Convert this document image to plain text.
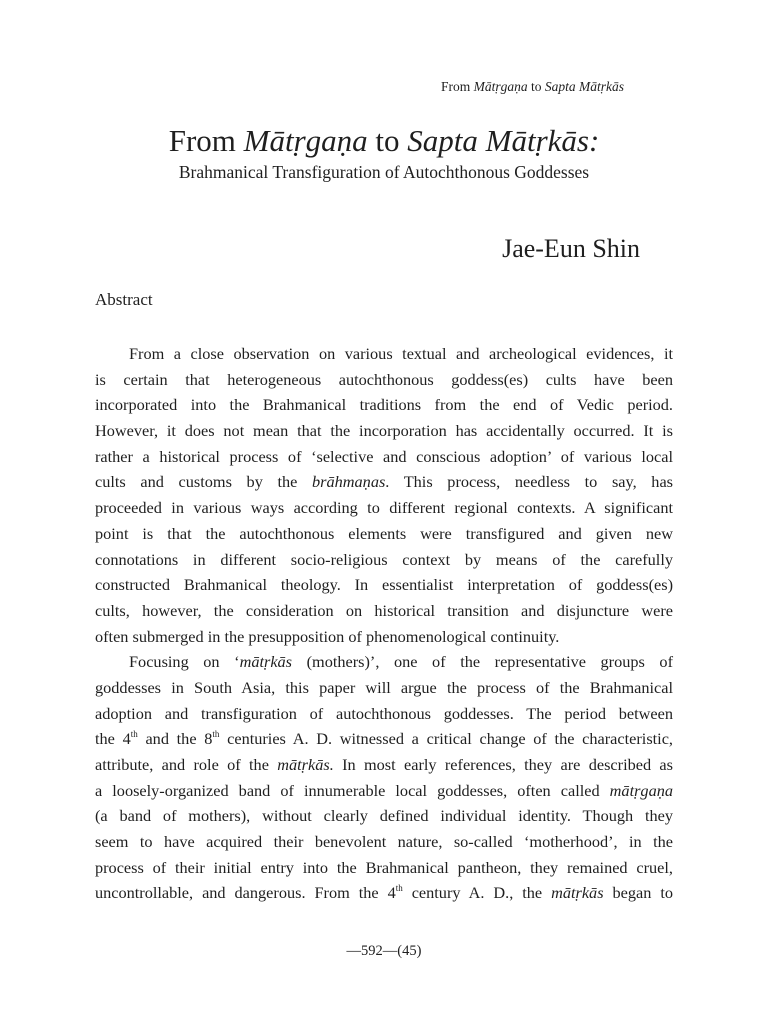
From Mātṛgaṇa to Sapta Mātṛkās
From Mātṛgaṇa to Sapta Mātṛkās:
Brahmanical Transfiguration of Autochthonous Goddesses
Jae-Eun Shin
Abstract
From a close observation on various textual and archeological evidences, it
is certain that heterogeneous autochthonous goddess(es) cults have been
incorporated into the Brahmanical traditions from the end of Vedic period.
However, it does not mean that the incorporation has accidentally occurred. It is
rather a historical process of ‘selective and conscious adoption’ of various local
cults and customs by the brāhmaṇas. This process, needless to say, has
proceeded in various ways according to different regional contexts. A significant
point is that the autochthonous elements were transfigured and given new
connotations in different socio-religious context by means of the carefully
constructed Brahmanical theology. In essentialist interpretation of goddess(es)
cults, however, the consideration on historical transition and disjuncture were
often submerged in the presupposition of phenomenological continuity.
Focusing on ‘mātṛkās (mothers)’, one of the representative groups of
goddesses in South Asia, this paper will argue the process of the Brahmanical
adoption and transfiguration of autochthonous goddesses. The period between
the 4th and the 8th centuries A. D. witnessed a critical change of the characteristic,
attribute, and role of the mātṛkās. In most early references, they are described as
a loosely-organized band of innumerable local goddesses, often called mātṛgaṇa
(a band of mothers), without clearly defined individual identity. Though they
seem to have acquired their benevolent nature, so-called ‘motherhood’, in the
process of their initial entry into the Brahmanical pantheon, they remained cruel,
uncontrollable, and dangerous. From the 4th century A. D., the mātṛkās began to
—592—(45)
